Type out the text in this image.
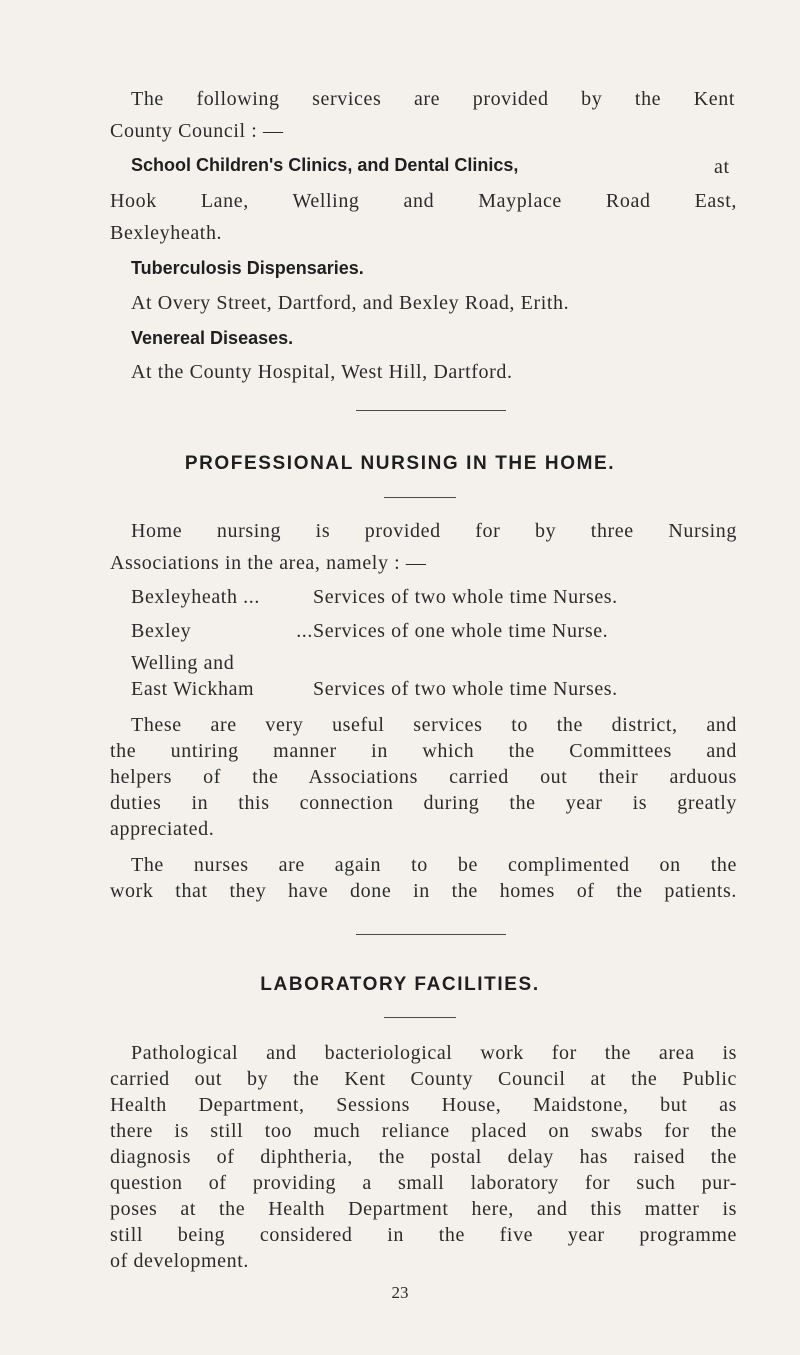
The following services are provided by the Kent

County Council : —

School Children's Clinics, and Dental Clinics,	at

Hook Lane, Welling and Mayplace Road East,

Bexleyheath.

Tuberculosis Dispensaries.

At Overy Street, Dartford, and Bexley Road, Erith.

Venereal Diseases.

At the County Hospital, West Hill, Dartford.

PROFESSIONAL NURSING IN THE HOME.

Home nursing is provided for by three Nursing

Associations in the area, namely : —

Bexleyheath ...	Services of two whole time Nurses.

Bexley ... Services of one whole time Nurse.

Welling and

East Wickham	Services of two whole time Nurses.

These are very useful services to the district, and

the untiring manner in which the Committees and

helpers of the Associations carried out their arduous

duties in this connection during the year is greatly

appreciated.

The nurses are again to be complimented on the

work that they have done in the homes of the patients.

LABORATORY FACILITIES.

Pathological and bacteriological work for the area is

carried out by the Kent County Council at the Public

Health Department, Sessions House, Maidstone, but as

there is still too much reliance placed on swabs for the

diagnosis of diphtheria, the postal delay has raised the

question of providing a small laboratory for such pur-

poses at the Health Department here, and this matter is

still being considered in the five year programme

of development.

23
